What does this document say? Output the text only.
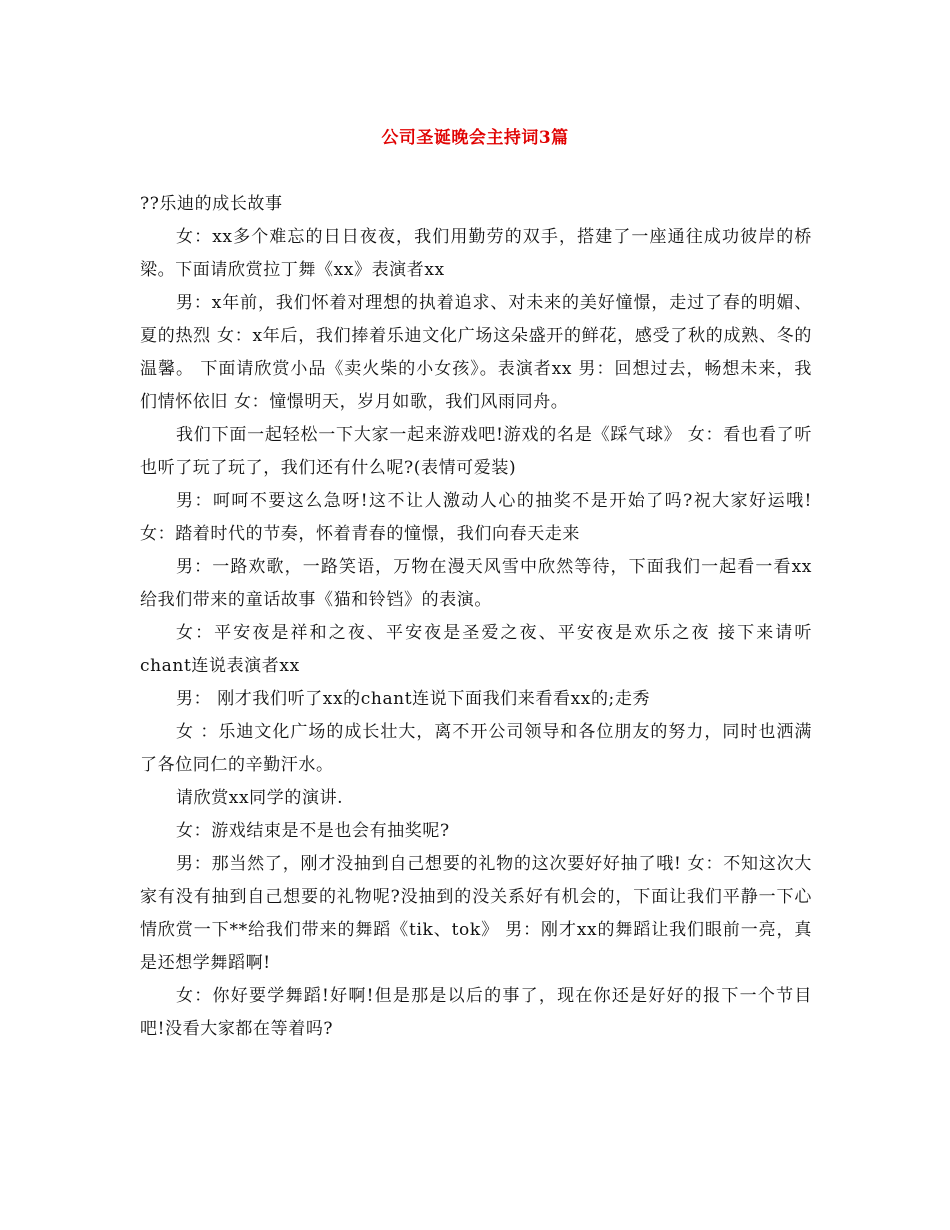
公司圣诞晚会主持词3篇

??乐迪的成长故事

女：xx多个难忘的日日夜夜，我们用勤劳的双手，搭建了一座通往成功彼岸的桥梁。下面请欣赏拉丁舞《xx》表演者xx

男：x年前，我们怀着对理想的执着追求、对未来的美好憧憬，走过了春的明媚、夏的热烈 女：x年后，我们捧着乐迪文化广场这朵盛开的鲜花，感受了秋的成熟、冬的温馨。 下面请欣赏小品《卖火柴的小女孩》。表演者xx 男：回想过去，畅想未来，我们情怀依旧 女：憧憬明天，岁月如歌，我们风雨同舟。

我们下面一起轻松一下大家一起来游戏吧!游戏的名是《踩气球》 女：看也看了听也听了玩了玩了，我们还有什么呢?(表情可爱装)

男：呵呵不要这么急呀!这不让人激动人心的抽奖不是开始了吗?祝大家好运哦! 女：踏着时代的节奏，怀着青春的憧憬，我们向春天走来

男：一路欢歌，一路笑语，万物在漫天风雪中欣然等待，下面我们一起看一看xx给我们带来的童话故事《猫和铃铛》的表演。

女：平安夜是祥和之夜、平安夜是圣爱之夜、平安夜是欢乐之夜 接下来请听chant连说表演者xx

男： 刚才我们听了xx的chant连说下面我们来看看xx的;走秀

女 ：乐迪文化广场的成长壮大，离不开公司领导和各位朋友的努力，同时也洒满了各位同仁的辛勤汗水。

请欣赏xx同学的演讲.

女：游戏结束是不是也会有抽奖呢?

男：那当然了，刚才没抽到自己想要的礼物的这次要好好抽了哦! 女：不知这次大家有没有抽到自己想要的礼物呢?没抽到的没关系好有机会的，下面让我们平静一下心情欣赏一下**给我们带来的舞蹈《tik、tok》 男：刚才xx的舞蹈让我们眼前一亮，真是还想学舞蹈啊!

女：你好要学舞蹈!好啊!但是那是以后的事了，现在你还是好好的报下一个节目吧!没看大家都在等着吗?
